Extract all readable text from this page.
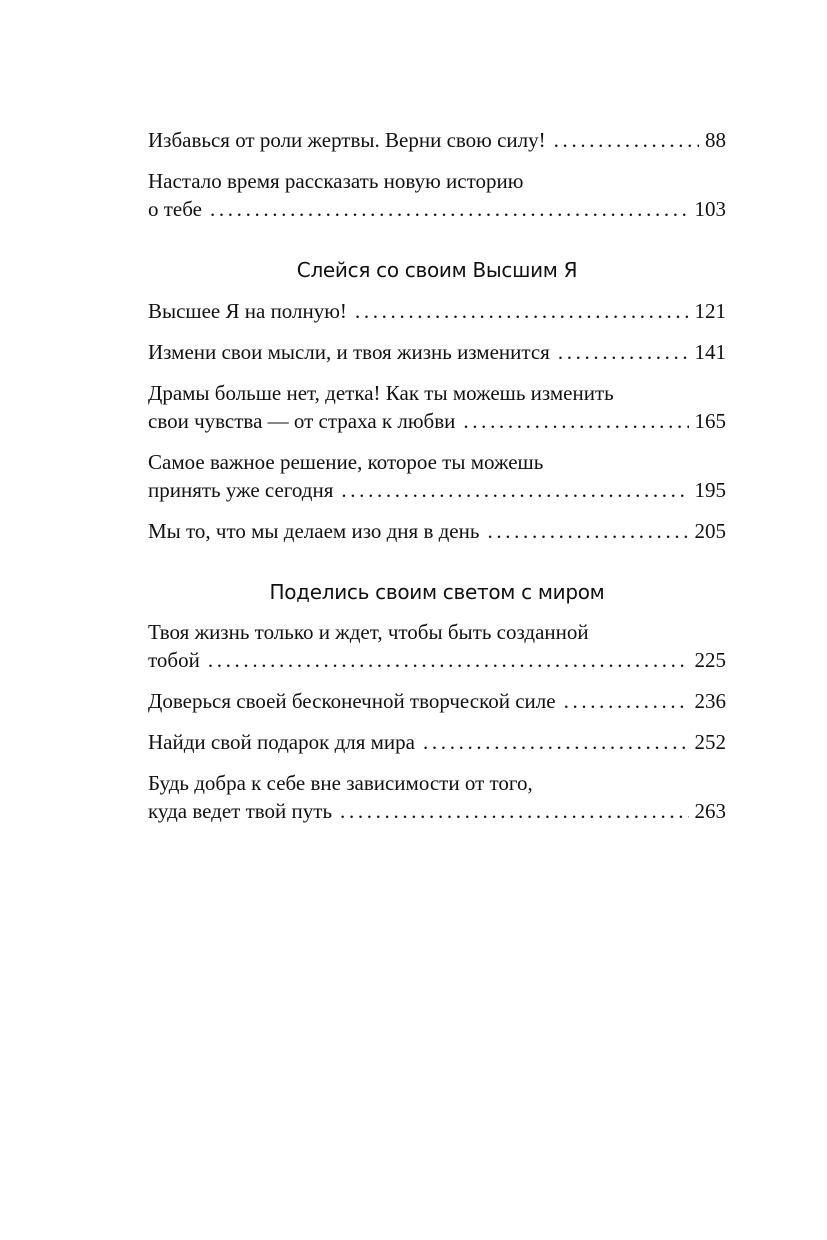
Избавься от роли жертвы. Верни свою силу! . . .	88
Настало время рассказать новую историю
о тебе . . .	103
Слейся со своим Высшим Я
Высшее Я на полную! . . .	121
Измени свои мысли, и твоя жизнь изменится . . .	141
Драмы больше нет, детка! Как ты можешь изменить
свои чувства — от страха к любви . . .	165
Самое важное решение, которое ты можешь
принять уже сегодня . . .	195
Мы то, что мы делаем изо дня в день . . .	205
Поделись своим светом с миром
Твоя жизнь только и ждет, чтобы быть созданной
тобой . . .	225
Доверься своей бесконечной творческой силе . . .	236
Найди свой подарок для мира . . .	252
Будь добра к себе вне зависимости от того,
куда ведет твой путь . . .	263
